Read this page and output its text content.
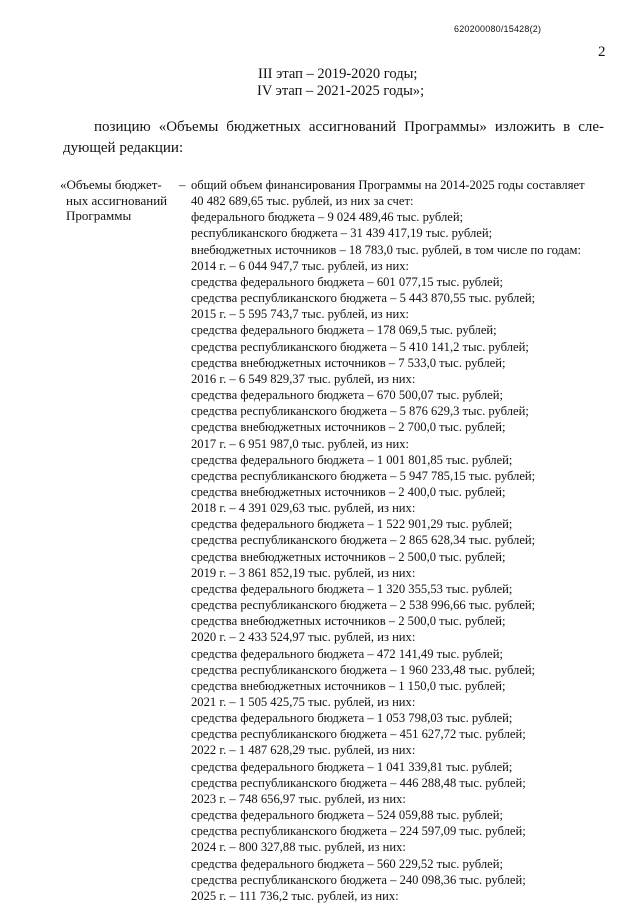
620200080/15428(2)
2
III этап – 2019-2020 годы;
IV этап – 2021-2025 годы»;
позицию «Объемы бюджетных ассигнований Программы» изложить в сле-
дующей редакции:
«Объемы бюджет-
ных ассигнований
Программы
– общий объем финансирования Программы на 2014-2025 годы составляет
40 482 689,65 тыс. рублей, из них за счет:
федерального бюджета – 9 024 489,46 тыс. рублей;
республиканского бюджета – 31 439 417,19 тыс. рублей;
внебюджетных источников – 18 783,0 тыс. рублей, в том числе по годам:
2014 г. – 6 044 947,7 тыс. рублей, из них:
средства федерального бюджета – 601 077,15 тыс. рублей;
средства республиканского бюджета – 5 443 870,55 тыс. рублей;
2015 г. – 5 595 743,7 тыс. рублей, из них:
средства федерального бюджета – 178 069,5 тыс. рублей;
средства республиканского бюджета – 5 410 141,2 тыс. рублей;
средства внебюджетных источников – 7 533,0 тыс. рублей;
2016 г. – 6 549 829,37 тыс. рублей, из них:
средства федерального бюджета – 670 500,07 тыс. рублей;
средства республиканского бюджета – 5 876 629,3 тыс. рублей;
средства внебюджетных источников – 2 700,0 тыс. рублей;
2017 г. – 6 951 987,0 тыс. рублей, из них:
средства федерального бюджета – 1 001 801,85 тыс. рублей;
средства республиканского бюджета – 5 947 785,15 тыс. рублей;
средства внебюджетных источников – 2 400,0 тыс. рублей;
2018 г. – 4 391 029,63 тыс. рублей, из них:
средства федерального бюджета – 1 522 901,29 тыс. рублей;
средства республиканского бюджета – 2 865 628,34 тыс. рублей;
средства внебюджетных источников – 2 500,0 тыс. рублей;
2019 г. – 3 861 852,19 тыс. рублей, из них:
средства федерального бюджета – 1 320 355,53 тыс. рублей;
средства республиканского бюджета – 2 538 996,66 тыс. рублей;
средства внебюджетных источников – 2 500,0 тыс. рублей;
2020 г. – 2 433 524,97 тыс. рублей, из них:
средства федерального бюджета – 472 141,49 тыс. рублей;
средства республиканского бюджета – 1 960 233,48 тыс. рублей;
средства внебюджетных источников – 1 150,0 тыс. рублей;
2021 г. – 1 505 425,75 тыс. рублей, из них:
средства федерального бюджета – 1 053 798,03 тыс. рублей;
средства республиканского бюджета – 451 627,72 тыс. рублей;
2022 г. – 1 487 628,29 тыс. рублей, из них:
средства федерального бюджета – 1 041 339,81 тыс. рублей;
средства республиканского бюджета – 446 288,48 тыс. рублей;
2023 г. – 748 656,97 тыс. рублей, из них:
средства федерального бюджета – 524 059,88 тыс. рублей;
средства республиканского бюджета – 224 597,09 тыс. рублей;
2024 г. – 800 327,88 тыс. рублей, из них:
средства федерального бюджета – 560 229,52 тыс. рублей;
средства республиканского бюджета – 240 098,36 тыс. рублей;
2025 г. – 111 736,2 тыс. рублей, из них:
